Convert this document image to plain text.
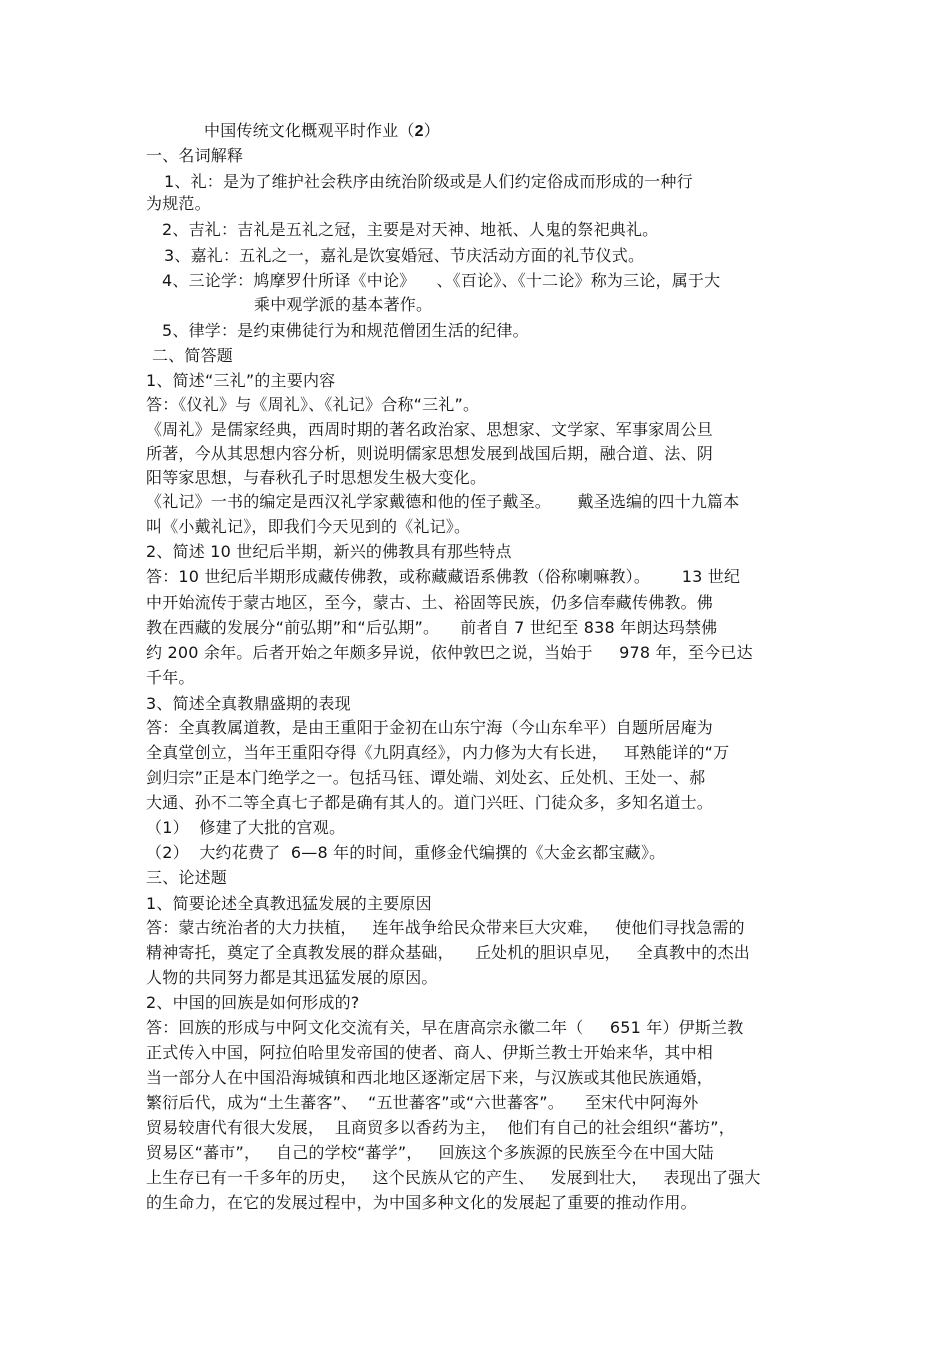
中国传统文化概观平时作业（2）
一、名词解释
1、礼：是为了维护社会秩序由统治阶级或是人们约定俗成而形成的一种行
为规范。
2、吉礼：吉礼是五礼之冠，主要是对天神、地祇、人鬼的祭祀典礼。
3、嘉礼：五礼之一，嘉礼是饮宴婚冠、节庆活动方面的礼节仪式。
4、三论学：鸠摩罗什所译《中论》    、《百论》、《十二论》称为三论，属于大
乘中观学派的基本著作。
5、律学：是约束佛徒行为和规范僧团生活的纪律。
二、简答题
1、简述“三礼”的主要内容
答：《仪礼》与《周礼》、《礼记》合称“三礼”。
《周礼》是儒家经典，西周时期的著名政治家、思想家、文学家、军事家周公旦
所著，今从其思想内容分析，则说明儒家思想发展到战国后期，融合道、法、阴
阳等家思想，与春秋孔子时思想发生极大变化。
《礼记》一书的编定是西汉礼学家戴德和他的侄子戴圣。     戴圣选编的四十九篇本
叫《小戴礼记》，即我们今天见到的《礼记》。
2、简述 10 世纪后半期，新兴的佛教具有那些特点
答：10 世纪后半期形成藏传佛教，或称藏藏语系佛教（俗称喇嘛教）。      13 世纪
中开始流传于蒙古地区，至今，蒙古、土、裕固等民族，仍多信奉藏传佛教。佛
教在西藏的发展分“前弘期”和“后弘期”。    前者自 7 世纪至 838 年朗达玛禁佛
约 200 余年。后者开始之年颇多异说，依仲敦巴之说，当始于     978 年，至今已达
千年。
3、简述全真教鼎盛期的表现
答：全真教属道教，是由王重阳于金初在山东宁海（今山东牟平）自题所居庵为
全真堂创立，当年王重阳夺得《九阴真经》，内力修为大有长进，   耳熟能详的“万
剑归宗”正是本门绝学之一。包括马钰、谭处端、刘处玄、丘处机、王处一、郝
大通、孙不二等全真七子都是确有其人的。道门兴旺、门徒众多，多知名道士。
（1）  修建了大批的宫观。
（2）  大约花费了  6—8 年的时间，重修金代编撰的《大金玄都宝藏》。
三、论述题
1、简要论述全真教迅猛发展的主要原因
答：蒙古统治者的大力扶植，   连年战争给民众带来巨大灾难，   使他们寻找急需的
精神寄托，奠定了全真教发展的群众基础，    丘处机的胆识卓见，   全真教中的杰出
人物的共同努力都是其迅猛发展的原因。
2、中国的回族是如何形成的?
答：回族的形成与中阿文化交流有关，早在唐高宗永徽二年（     651 年）伊斯兰教
正式传入中国，阿拉伯哈里发帝国的使者、商人、伊斯兰教士开始来华，其中相
当一部分人在中国沿海城镇和西北地区逐渐定居下来，与汉族或其他民族通婚，
繁衍后代，成为“土生蕃客”、  “五世蕃客”或“六世蕃客”。    至宋代中阿海外
贸易较唐代有很大发展，  且商贸多以香药为主，  他们有自己的社会组织“蕃坊”，
贸易区“蕃市”，   自己的学校“蕃学”，   回族这个多族源的民族至今在中国大陆
上生存已有一千多年的历史，   这个民族从它的产生、   发展到壮大，   表现出了强大
的生命力，在它的发展过程中，为中国多种文化的发展起了重要的推动作用。
